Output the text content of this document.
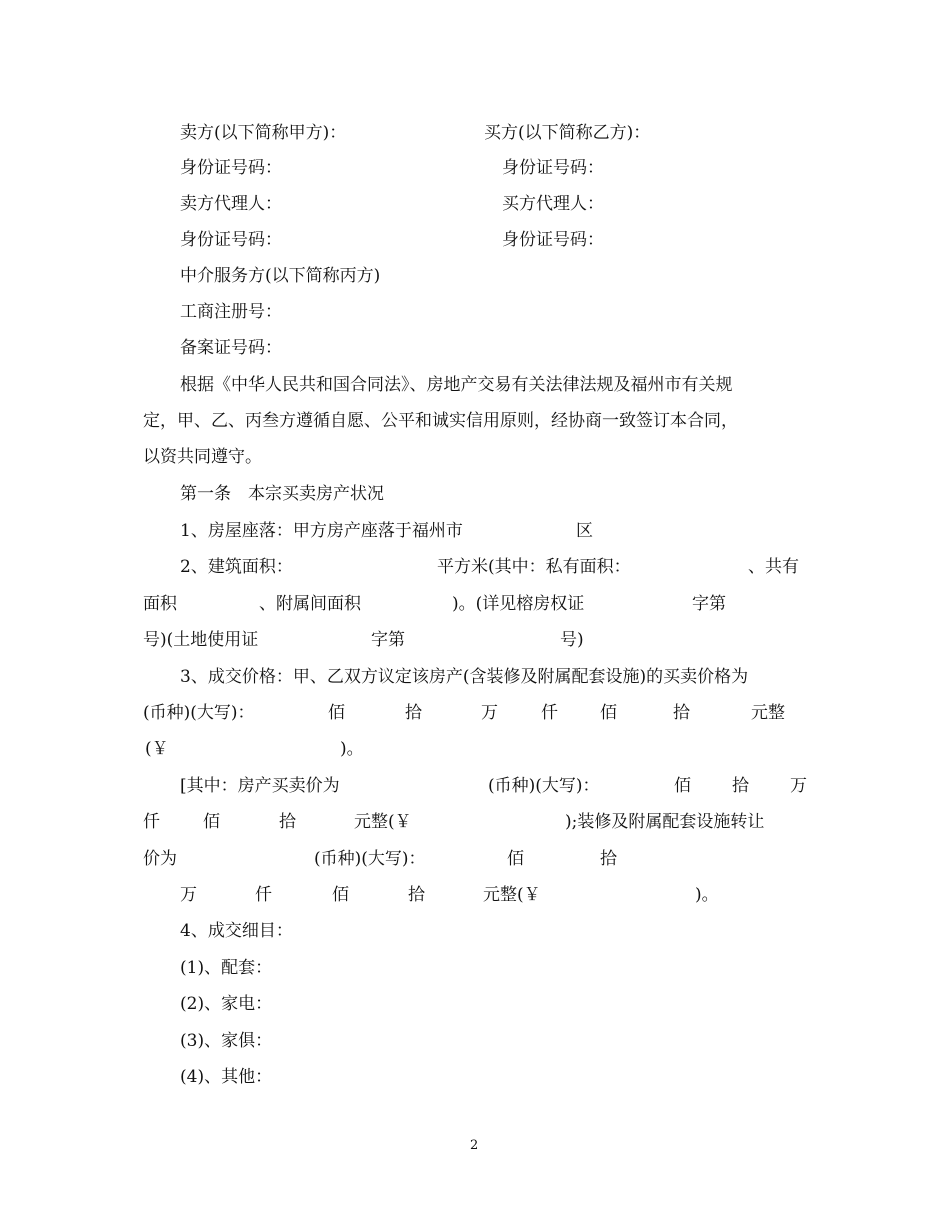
卖方(以下简称甲方)：	买方(以下简称乙方)：
身份证号码：	身份证号码：
卖方代理人：	买方代理人：
身份证号码：	身份证号码：
中介服务方(以下简称丙方)
工商注册号：
备案证号码：
根据《中华人民共和国合同法》、房地产交易有关法律法规及福州市有关规
定，甲、乙、丙叁方遵循自愿、公平和诚实信用原则，经协商一致签订本合同，
以资共同遵守。
第一条　本宗买卖房产状况
1、房屋座落：甲方房产座落于福州市	区
2、建筑面积：	平方米(其中：私有面积：	、共有
面积	、附属间面积	)。(详见榕房权证	字第
号)(土地使用证	字第	号)
3、成交价格：甲、乙双方议定该房产(含装修及附属配套设施)的买卖价格为
(币种)(大写)：	佰	拾	万	仟 佰	拾	元整
(￥	)。
[其中：房产买卖价为	(币种)(大写)：	佰 拾 万
仟	佰	拾	元整(￥	);装修及附属配套设施转让
价为	(币种)(大写)：	佰	拾
万	仟	佰	拾	元整(￥	)。
4、成交细目：
(1)、配套：
(2)、家电：
(3)、家俱：
(4)、其他：
2
